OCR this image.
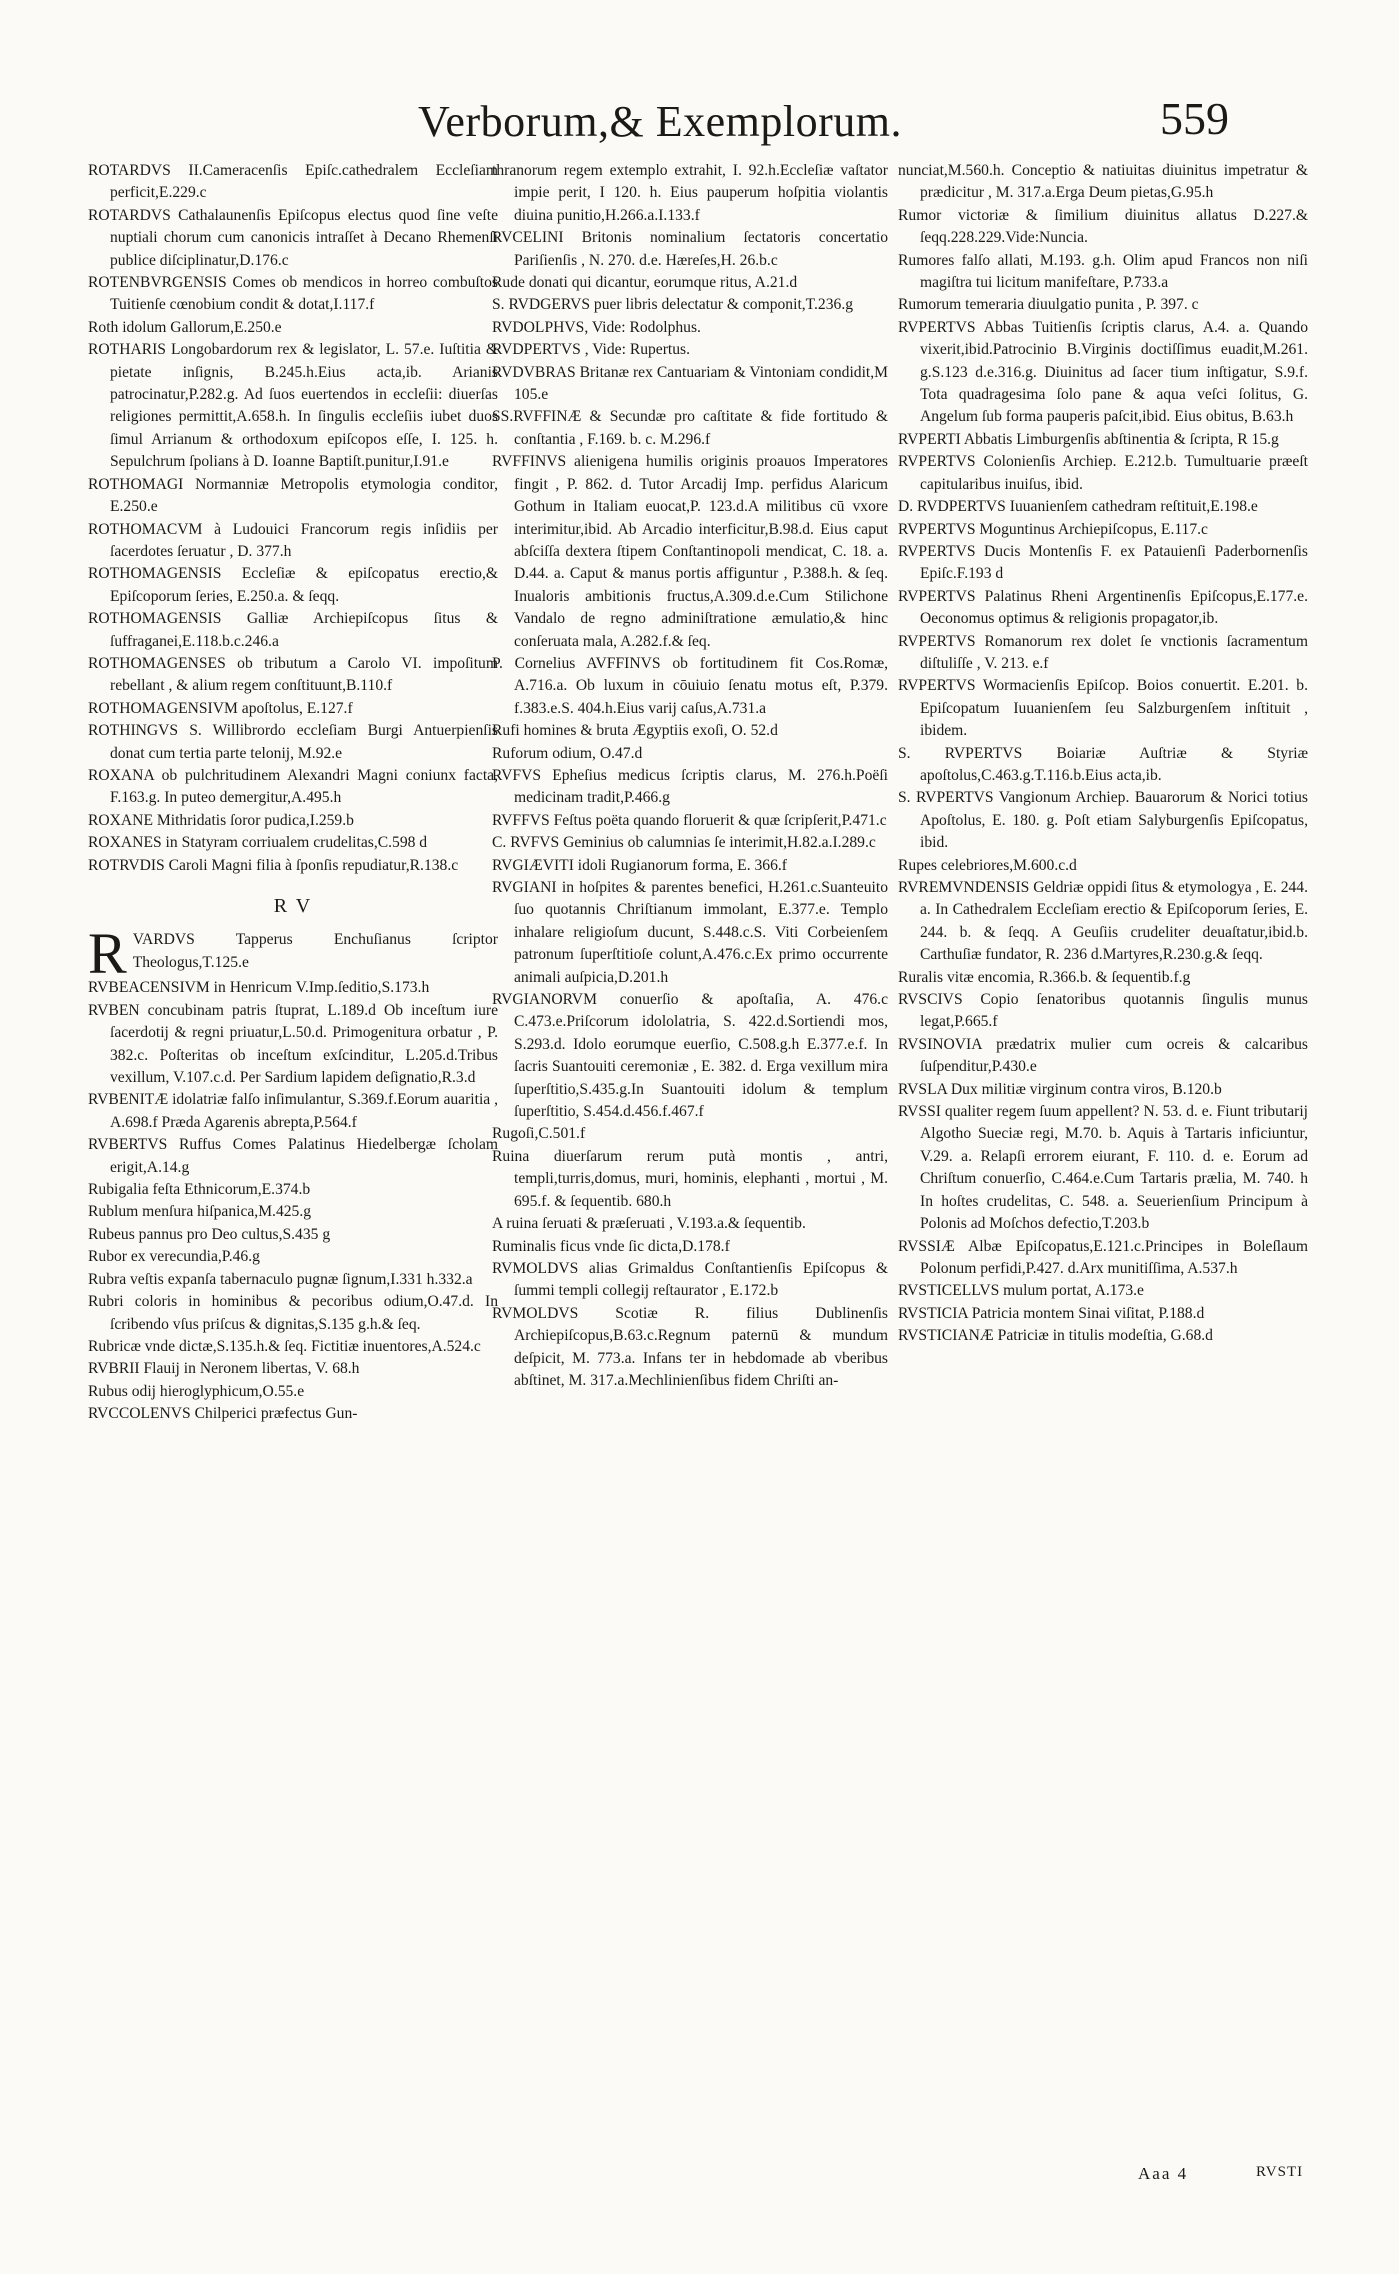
Verborum,& Exemplorum.	559
ROTARDVS II.Cameracenſis Epiſc.cathedralem Eccleſiam perficit,E.229.c
ROTARDVS Cathalaunenſis Epiſcopus electus quod ſine veſte nuptiali chorum cum canonicis intraſſet à Decano Rhemenſi publice diſciplinatur,D.176.c
ROTENBVRGENSIS Comes ob mendicos in horreo combuſtos Tuitienſe cœnobium condit & dotat,I.117.f
Roth idolum Gallorum,E.250.e
ROTHARIS Longobardorum rex & legislator, L. 57.e. Iuſtitia & pietate inſignis, B.245.h.Eius acta,ib. Arianis patrocinatur,P.282.g. Ad ſuos euertendos in eccleſii: diuerſas religiones permittit,A.658.h. In ſingulis eccleſiis iubet duos ſimul Arrianum & orthodoxum epiſcopos eſſe, I. 125. h. Sepulchrum ſpolians à D. Ioanne Baptiſt.punitur,I.91.e
ROTHOMAGI Normanniæ Metropolis etymologia conditor, E.250.e
ROTHOMACVM à Ludouici Francorum regis inſidiis per ſacerdotes ſeruatur , D. 377.h
ROTHOMAGENSIS Eccleſiæ & epiſcopatus erectio,& Epiſcoporum ſeries, E.250.a. & ſeqq.
ROTHOMAGENSIS Galliæ Archiepiſcopus ſitus & ſuffraganei,E.118.b.c.246.a
ROTHOMAGENSES ob tributum a Carolo VI. impoſitum rebellant , & alium regem conſtituunt,B.110.f
ROTHOMAGENSIVM apoſtolus, E.127.f
ROTHINGVS S. Willibrordo eccleſiam Burgi Antuerpienſis donat cum tertia parte telonij, M.92.e
ROXANA ob pulchritudinem Alexandri Magni coniunx facta, F.163.g. In puteo demergitur,A.495.h
ROXANE Mithridatis ſoror pudica,I.259.b
ROXANES in Statyram corriualem crudelitas,C.598 d
ROTRVDIS Caroli Magni filia à ſponſis repudiatur,R.138.c
R V
R VARDVS Tapperus Enchuſianus ſcriptor Theologus,T.125.e
RVBEACENSIVM in Henricum V.Imp.ſeditio,S.173.h
RVBEN concubinam patris ſtuprat, L.189.d Ob inceſtum iure ſacerdotij & regni priuatur,L.50.d. Primogenitura orbatur , P. 382.c. Poſteritas ob inceſtum exſcinditur, L.205.d.Tribus vexillum, V.107.c.d. Per Sardium lapidem deſignatio,R.3.d
RVBENITÆ idolatriæ falſo inſimulantur, S.369.f.Eorum auaritia , A.698.f Præda Agarenis abrepta,P.564.f
RVBERTVS Ruffus Comes Palatinus Hiedelbergæ ſcholam erigit,A.14.g
Rubigalia feſta Ethnicorum,E.374.b
Rublum menſura hiſpanica,M.425.g
Rubeus pannus pro Deo cultus,S.435 g
Rubor ex verecundia,P.46.g
Rubra veſtis expanſa tabernaculo pugnæ ſignum,I.331 h.332.a
Rubri coloris in hominibus & pecoribus odium,O.47.d. In ſcribendo vſus priſcus & dignitas,S.135 g.h.& ſeq.
Rubricæ vnde dictæ,S.135.h.& ſeq. Fictitiæ inuentores,A.524.c
RVBRII Flauij in Neronem libertas, V. 68.h
Rubus odij hieroglyphicum,O.55.e
RVCCOLENVS Chilperici præfectus Gun-
thranorum regem extemplo extrahit, I. 92.h.Eccleſiæ vaſtator impie perit, I 120. h. Eius pauperum hoſpitia violantis diuina punitio,H.266.a.I.133.f
RVCELINI Britonis nominalium ſectatoris concertatio Pariſienſis , N. 270. d.e. Hæreſes,H. 26.b.c
Rude donati qui dicantur, eorumque ritus, A.21.d
S. RVDGERVS puer libris delectatur & componit,T.236.g
RVDOLPHVS, Vide: Rodolphus.
RVDPERTVS , Vide: Rupertus.
RVDVBRAS Britanæ rex Cantuariam & Vintoniam condidit,M 105.e
SS.RVFFINÆ & Secundæ pro caſtitate & fide fortitudo & conſtantia , F.169. b. c. M.296.f
RVFFINVS alienigena humilis originis proauos Imperatores fingit , P. 862. d. Tutor Arcadij Imp. perfidus Alaricum Gothum in Italiam euocat,P. 123.d.A militibus cū vxore interimitur,ibid. Ab Arcadio interficitur,B.98.d. Eius caput abſciſſa dextera ſtipem Conſtantinopoli mendicat, C. 18. a. D.44. a. Caput & manus portis affiguntur , P.388.h. & ſeq. Inualoris ambitionis fructus,A.309.d.e.Cum Stilichone Vandalo de regno adminiſtratione æmulatio,& hinc conſeruata mala, A.282.f.& ſeq.
P. Cornelius AVFFINVS ob fortitudinem fit Cos.Romæ, A.716.a. Ob luxum in cōuiuio ſenatu motus eſt, P.379. f.383.e.S. 404.h.Eius varij caſus,A.731.a
Rufi homines & bruta Ægyptiis exoſi, O. 52.d
Ruforum odium, O.47.d
RVFVS Epheſius medicus ſcriptis clarus, M. 276.h.Poëſi medicinam tradit,P.466.g
RVFFVS Feſtus poëta quando floruerit & quæ ſcripſerit,P.471.c
C. RVFVS Geminius ob calumnias ſe interimit,H.82.a.I.289.c
RVGIÆVITI idoli Rugianorum forma, E. 366.f
RVGIANI in hoſpites & parentes benefici, H.261.c.Suanteuito ſuo quotannis Chriſtianum immolant, E.377.e. Templo inhalare religioſum ducunt, S.448.c.S. Viti Corbeienſem patronum ſuperſtitioſe colunt,A.476.c.Ex primo occurrente animali auſpicia,D.201.h
RVGIANORVM conuerſio & apoſtaſia, A. 476.c C.473.e.Priſcorum idololatria, S. 422.d.Sortiendi mos, S.293.d. Idolo eorumque euerſio, C.508.g.h E.377.e.f. In ſacris Suantouiti ceremoniæ , E. 382. d. Erga vexillum mira ſuperſtitio,S.435.g.In Suantouiti idolum & templum ſuperſtitio, S.454.d.456.f.467.f
Rugoſi,C.501.f
Ruina diuerſarum rerum putà montis , antri, templi,turris,domus, muri, hominis, elephanti , mortui , M. 695.f. & ſequentib. 680.h
A ruina ſeruati & præſeruati , V.193.a.& ſequentib.
Ruminalis ficus vnde ſic dicta,D.178.f
RVMOLDVS alias Grimaldus Conſtantienſis Epiſcopus & ſummi templi collegij reſtaurator , E.172.b
RVMOLDVS Scotiæ R. filius Dublinenſis Archiepiſcopus,B.63.c.Regnum paternū & mundum deſpicit, M. 773.a. Infans ter in hebdomade ab vberibus abſtinet, M. 317.a.Mechlinienſibus fidem Chriſti an-
nunciat,M.560.h. Conceptio & natiuitas diuinitus impetratur & prædicitur , M. 317.a.Erga Deum pietas,G.95.h
Rumor victoriæ & ſimilium diuinitus allatus D.227.& ſeqq.228.229.Vide:Nuncia.
Rumores falſo allati, M.193. g.h. Olim apud Francos non niſi magiſtra tui licitum manifeſtare, P.733.a
Rumorum temeraria diuulgatio punita , P. 397. c
RVPERTVS Abbas Tuitienſis ſcriptis clarus, A.4. a. Quando vixerit,ibid.Patrocinio B.Virginis doctiſſimus euadit,M.261. g.S.123 d.e.316.g. Diuinitus ad ſacer tium inſtigatur, S.9.f. Tota quadragesima ſolo pane & aqua veſci ſolitus, G. Angelum ſub forma pauperis paſcit,ibid. Eius obitus, B.63.h
RVPERTI Abbatis Limburgenſis abſtinentia & ſcripta, R 15.g
RVPERTVS Colonienſis Archiep. E.212.b. Tumultuarie præeſt capitularibus inuiſus, ibid.
D. RVDPERTVS Iuuanienſem cathedram reſtituit,E.198.e
RVPERTVS Moguntinus Archiepiſcopus, E.117.c
RVPERTVS Ducis Montenſis F. ex Patauienſi Paderbornenſis Epiſc.F.193 d
RVPERTVS Palatinus Rheni Argentinenſis Epiſcopus,E.177.e. Oeconomus optimus & religionis propagator,ib.
RVPERTVS Romanorum rex dolet ſe vnctionis ſacramentum diſtuliſſe , V. 213. e.f
RVPERTVS Wormacienſis Epiſcop. Boios conuertit. E.201. b. Epiſcopatum Iuuanienſem ſeu Salzburgenſem inſtituit , ibidem.
S. RVPERTVS Boiariæ Auſtriæ & Styriæ apoſtolus,C.463.g.T.116.b.Eius acta,ib.
S. RVPERTVS Vangionum Archiep. Bauarorum & Norici totius Apoſtolus, E. 180. g. Poſt etiam Salyburgenſis Epiſcopatus, ibid.
Rupes celebriores,M.600.c.d
RVREMVNDENSIS Geldriæ oppidi ſitus & etymologya , E. 244. a. In Cathedralem Eccleſiam erectio & Epiſcoporum ſeries, E. 244. b. & ſeqq. A Geuſiis crudeliter deuaſtatur,ibid.b. Carthuſiæ fundator, R. 236 d.Martyres,R.230.g.& ſeqq.
Ruralis vitæ encomia, R.366.b. & ſequentib.f.g
RVSCIVS Copio ſenatoribus quotannis ſingulis munus legat,P.665.f
RVSINOVIA prædatrix mulier cum ocreis & calcaribus ſuſpenditur,P.430.e
RVSLA Dux militiæ virginum contra viros, B.120.b
RVSSI qualiter regem ſuum appellent? N. 53. d. e. Fiunt tributarij Algotho Sueciæ regi, M.70. b. Aquis à Tartaris inficiuntur, V.29. a. Relapſi errorem eiurant, F. 110. d. e. Eorum ad Chriſtum conuerſio, C.464.e.Cum Tartaris prælia, M. 740. h In hoſtes crudelitas, C. 548. a. Seuerienſium Principum à Polonis ad Moſchos defectio,T.203.b
RVSSIÆ Albæ Epiſcopatus,E.121.c.Principes in Boleſlaum Polonum perfidi,P.427. d.Arx munitiſſima, A.537.h
RVSTICELLVS mulum portat, A.173.e
RVSTICIA Patricia montem Sinai viſitat, P.188.d
RVSTICIANÆ Patriciæ in titulis modeſtia, G.68.d
Aaa 4	RVSTI
